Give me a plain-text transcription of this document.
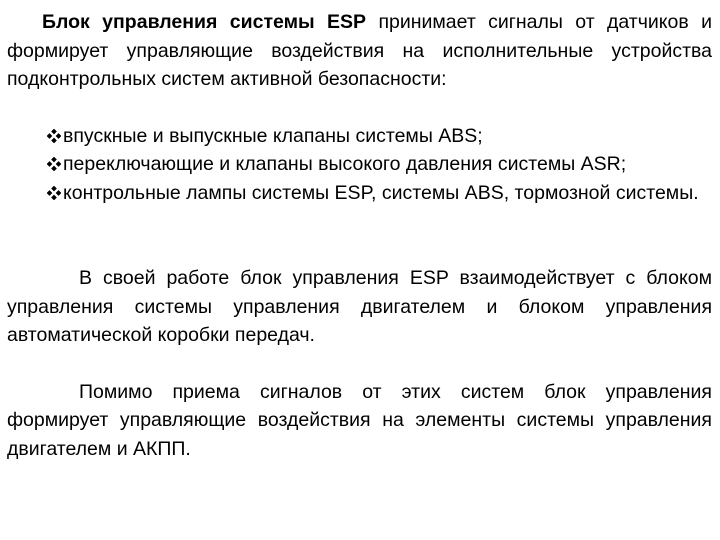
Блок управления системы ESP принимает сигналы от датчиков и формирует управляющие воздействия на исполнительные устройства подконтрольных систем активной безопасности:

впускные и выпускные клапаны системы ABS;
переключающие и клапаны высокого давления системы ASR;
контрольные лампы системы ESP, системы ABS, тормозной системы.

В своей работе блок управления ESP взаимодействует с блоком управления системы управления двигателем и блоком управления автоматической коробки передач.

Помимо приема сигналов от этих систем блок управления формирует управляющие воздействия на элементы системы управления двигателем и АКПП.
